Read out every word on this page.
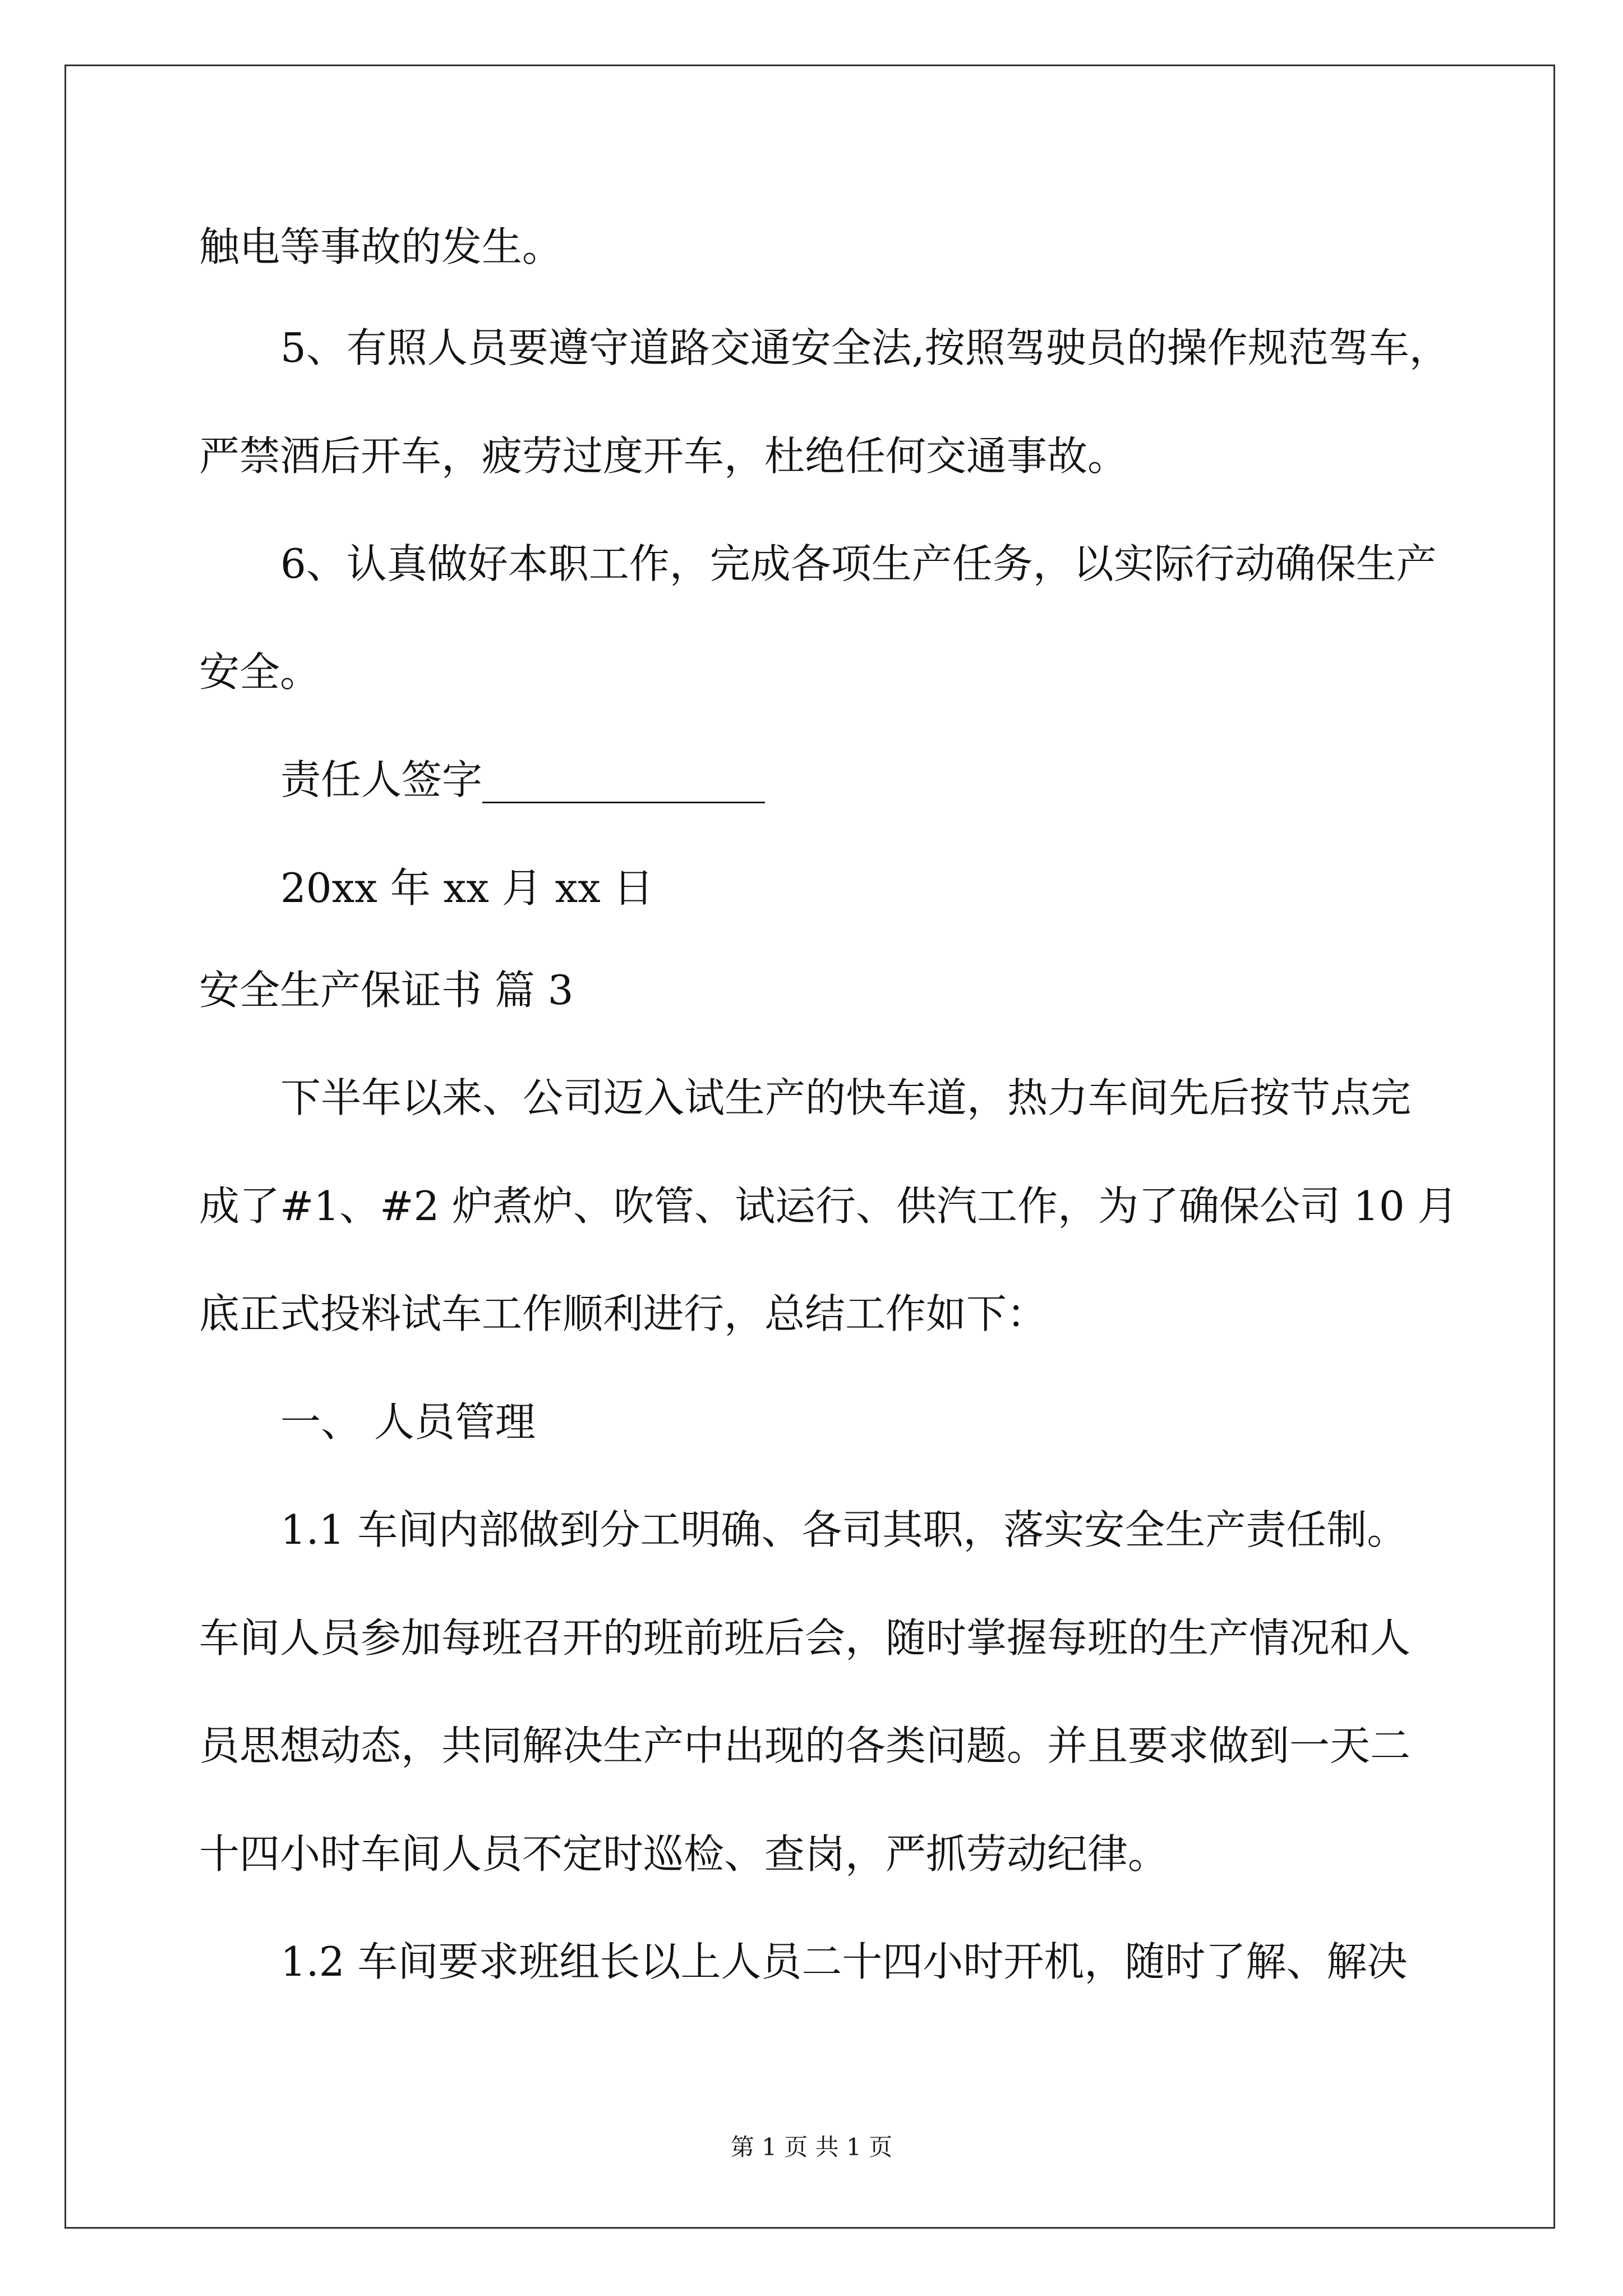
触电等事故的发生。
5、有照人员要遵守道路交通安全法,按照驾驶员的操作规范驾车，
严禁酒后开车，疲劳过度开车，杜绝任何交通事故。
6、认真做好本职工作，完成各项生产任务，以实际行动确保生产
安全。
责任人签字______________
20xx 年 xx 月 xx 日
安全生产保证书 篇 3
下半年以来、公司迈入试生产的快车道，热力车间先后按节点完
成了#1、#2 炉煮炉、吹管、试运行、供汽工作，为了确保公司 10 月
底正式投料试车工作顺利进行，总结工作如下：
一、 人员管理
1.1 车间内部做到分工明确、各司其职，落实安全生产责任制。
车间人员参加每班召开的班前班后会，随时掌握每班的生产情况和人
员思想动态，共同解决生产中出现的各类问题。并且要求做到一天二
十四小时车间人员不定时巡检、查岗，严抓劳动纪律。
1.2 车间要求班组长以上人员二十四小时开机，随时了解、解决
第 1 页 共 1 页
